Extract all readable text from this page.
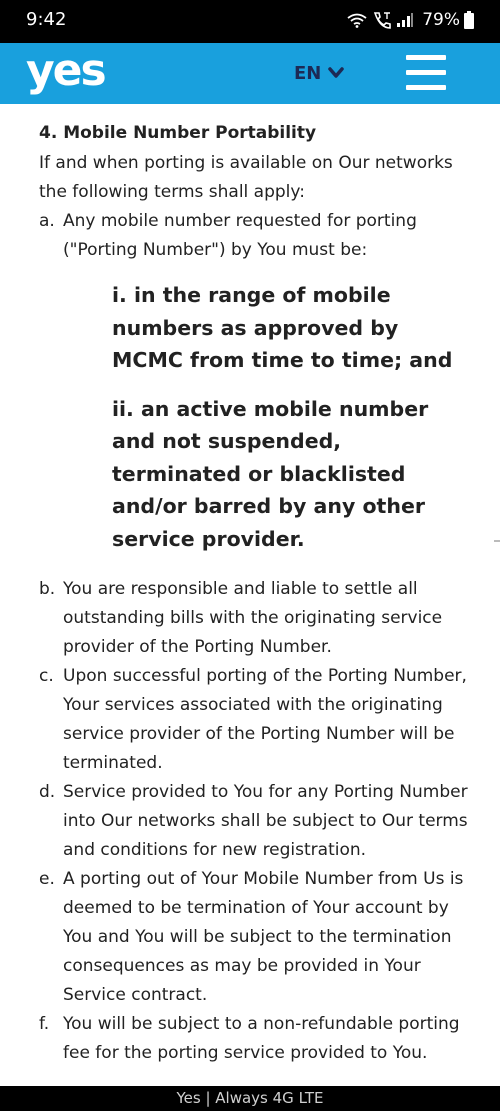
9:42	79%
yes	EN
4. Mobile Number Portability

If and when porting is available on Our networks the following terms shall apply:

a. Any mobile number requested for porting ("Porting Number") by You must be:
i. in the range of mobile numbers as approved by MCMC from time to time; and
ii. an active mobile number and not suspended, terminated or blacklisted and/or barred by any other service provider.
b. You are responsible and liable to settle all outstanding bills with the originating service provider of the Porting Number.
c. Upon successful porting of the Porting Number, Your services associated with the originating service provider of the Porting Number will be terminated.
d. Service provided to You for any Porting Number into Our networks shall be subject to Our terms and conditions for new registration.
e. A porting out of Your Mobile Number from Us is deemed to be termination of Your account by You and You will be subject to the termination consequences as may be provided in Your Service contract.
f. You will be subject to a non-refundable porting fee for the porting service provided to You.
Yes | Always 4G LTE
